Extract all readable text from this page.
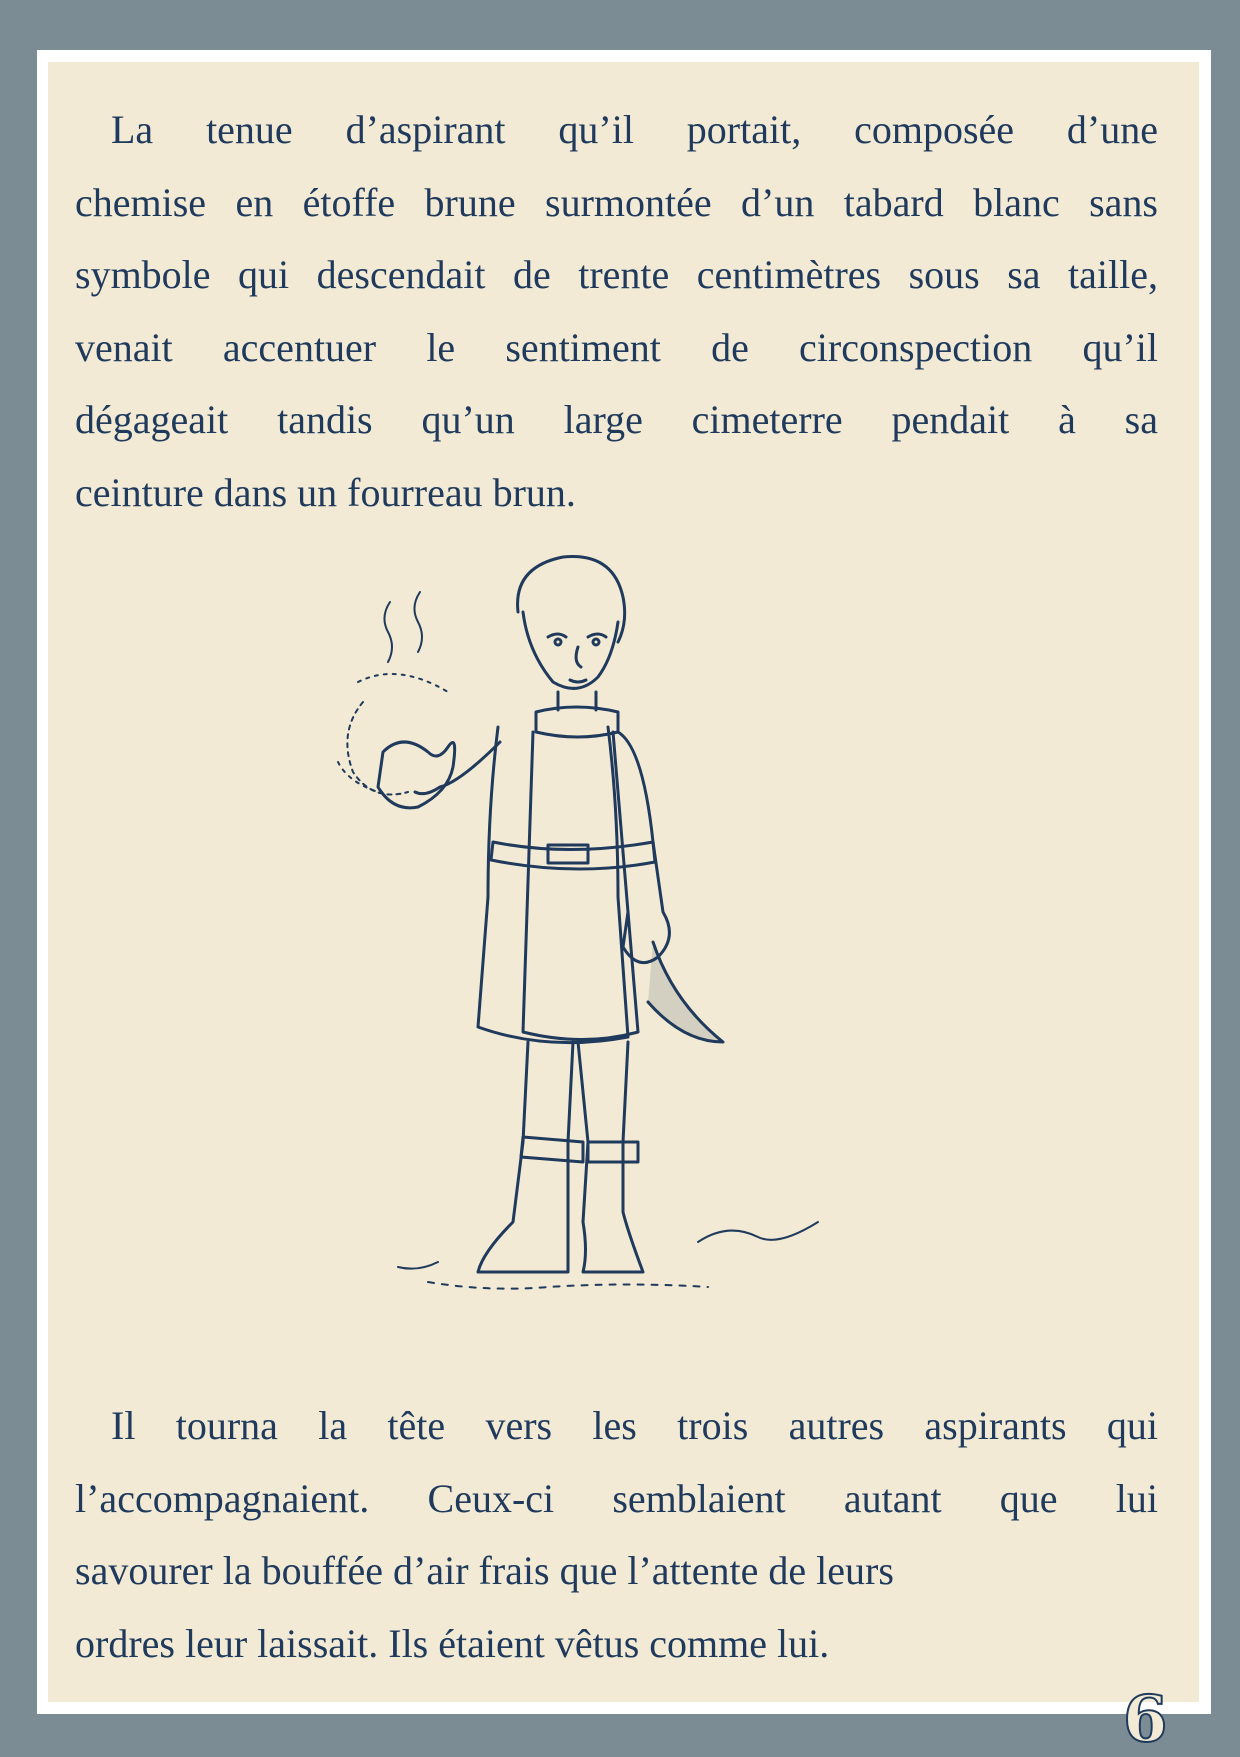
La tenue d’aspirant qu’il portait, composée d’une
chemise en étoffe brune surmontée d’un tabard blanc sans
symbole qui descendait de trente centimètres sous sa taille,
venait accentuer le sentiment de circonspection qu’il
dégageait tandis qu’un large cimeterre pendait à sa
ceinture dans un fourreau brun.
Il tourna la tête vers les trois autres aspirants qui
l’accompagnaient. Ceux-ci semblaient autant que lui
savourer la bouffée d’air frais que l’attente de leurs
ordres leur laissait. Ils étaient vêtus comme lui.
6
